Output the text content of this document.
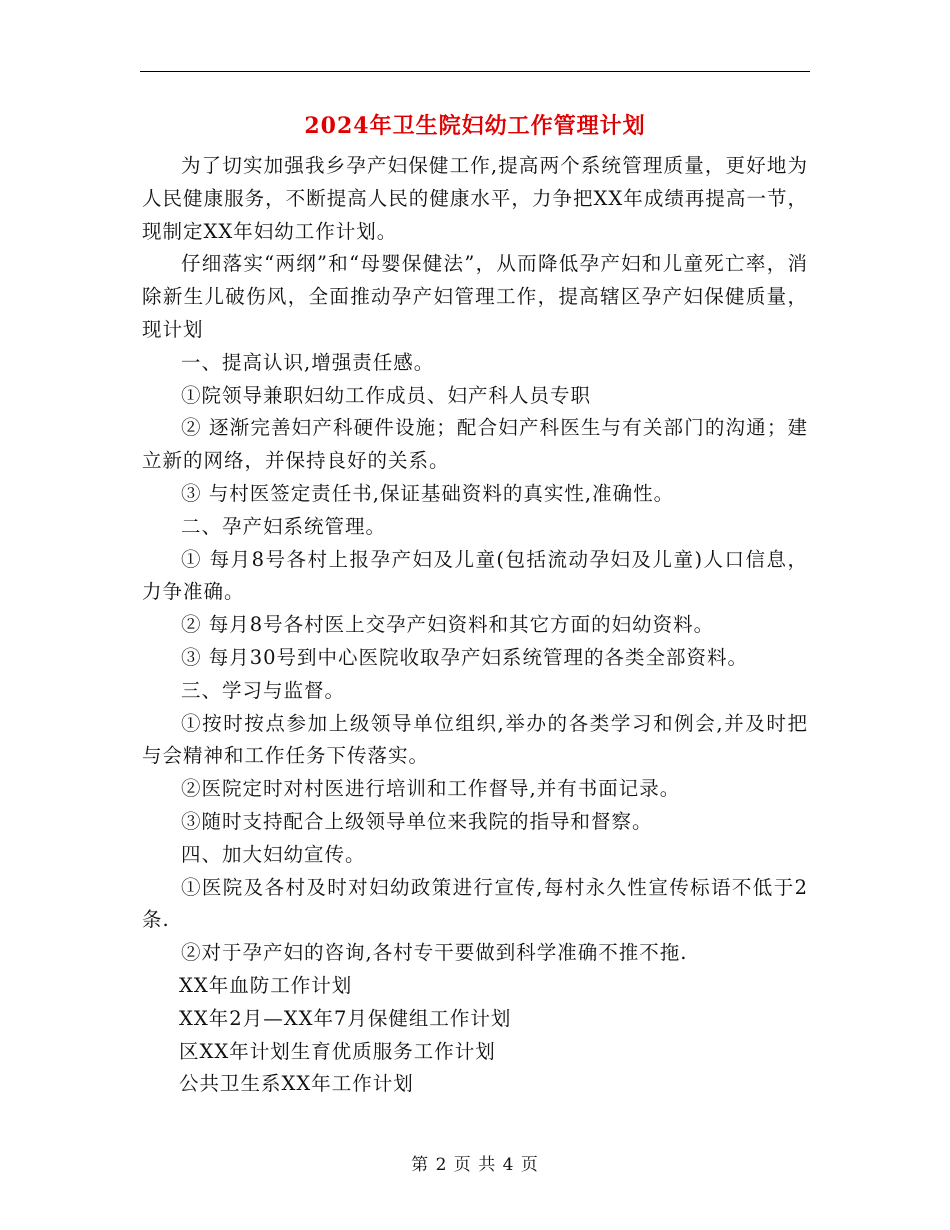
2024年卫生院妇幼工作管理计划

为了切实加强我乡孕产妇保健工作,提高两个系统管理质量，更好地为人民健康服务，不断提高人民的健康水平，力争把XX年成绩再提高一节，现制定XX年妇幼工作计划。

仔细落实“两纲”和“母婴保健法”，从而降低孕产妇和儿童死亡率，消除新生儿破伤风，全面推动孕产妇管理工作，提高辖区孕产妇保健质量，现计划

一、提高认识,增强责任感。

①院领导兼职妇幼工作成员、妇产科人员专职

② 逐渐完善妇产科硬件设施；配合妇产科医生与有关部门的沟通；建立新的网络，并保持良好的关系。

③ 与村医签定责任书,保证基础资料的真实性,准确性。

二、孕产妇系统管理。

① 每月8号各村上报孕产妇及儿童(包括流动孕妇及儿童)人口信息，力争准确。

② 每月8号各村医上交孕产妇资料和其它方面的妇幼资料。

③ 每月30号到中心医院收取孕产妇系统管理的各类全部资料。

三、学习与监督。

①按时按点参加上级领导单位组织,举办的各类学习和例会,并及时把与会精神和工作任务下传落实。

②医院定时对村医进行培训和工作督导,并有书面记录。

③随时支持配合上级领导单位来我院的指导和督察。

四、加大妇幼宣传。

①医院及各村及时对妇幼政策进行宣传,每村永久性宣传标语不低于2条.

②对于孕产妇的咨询,各村专干要做到科学准确不推不拖.

XX年血防工作计划

XX年2月—XX年7月保健组工作计划

区XX年计划生育优质服务工作计划

公共卫生系XX年工作计划

第 2 页 共 4 页
